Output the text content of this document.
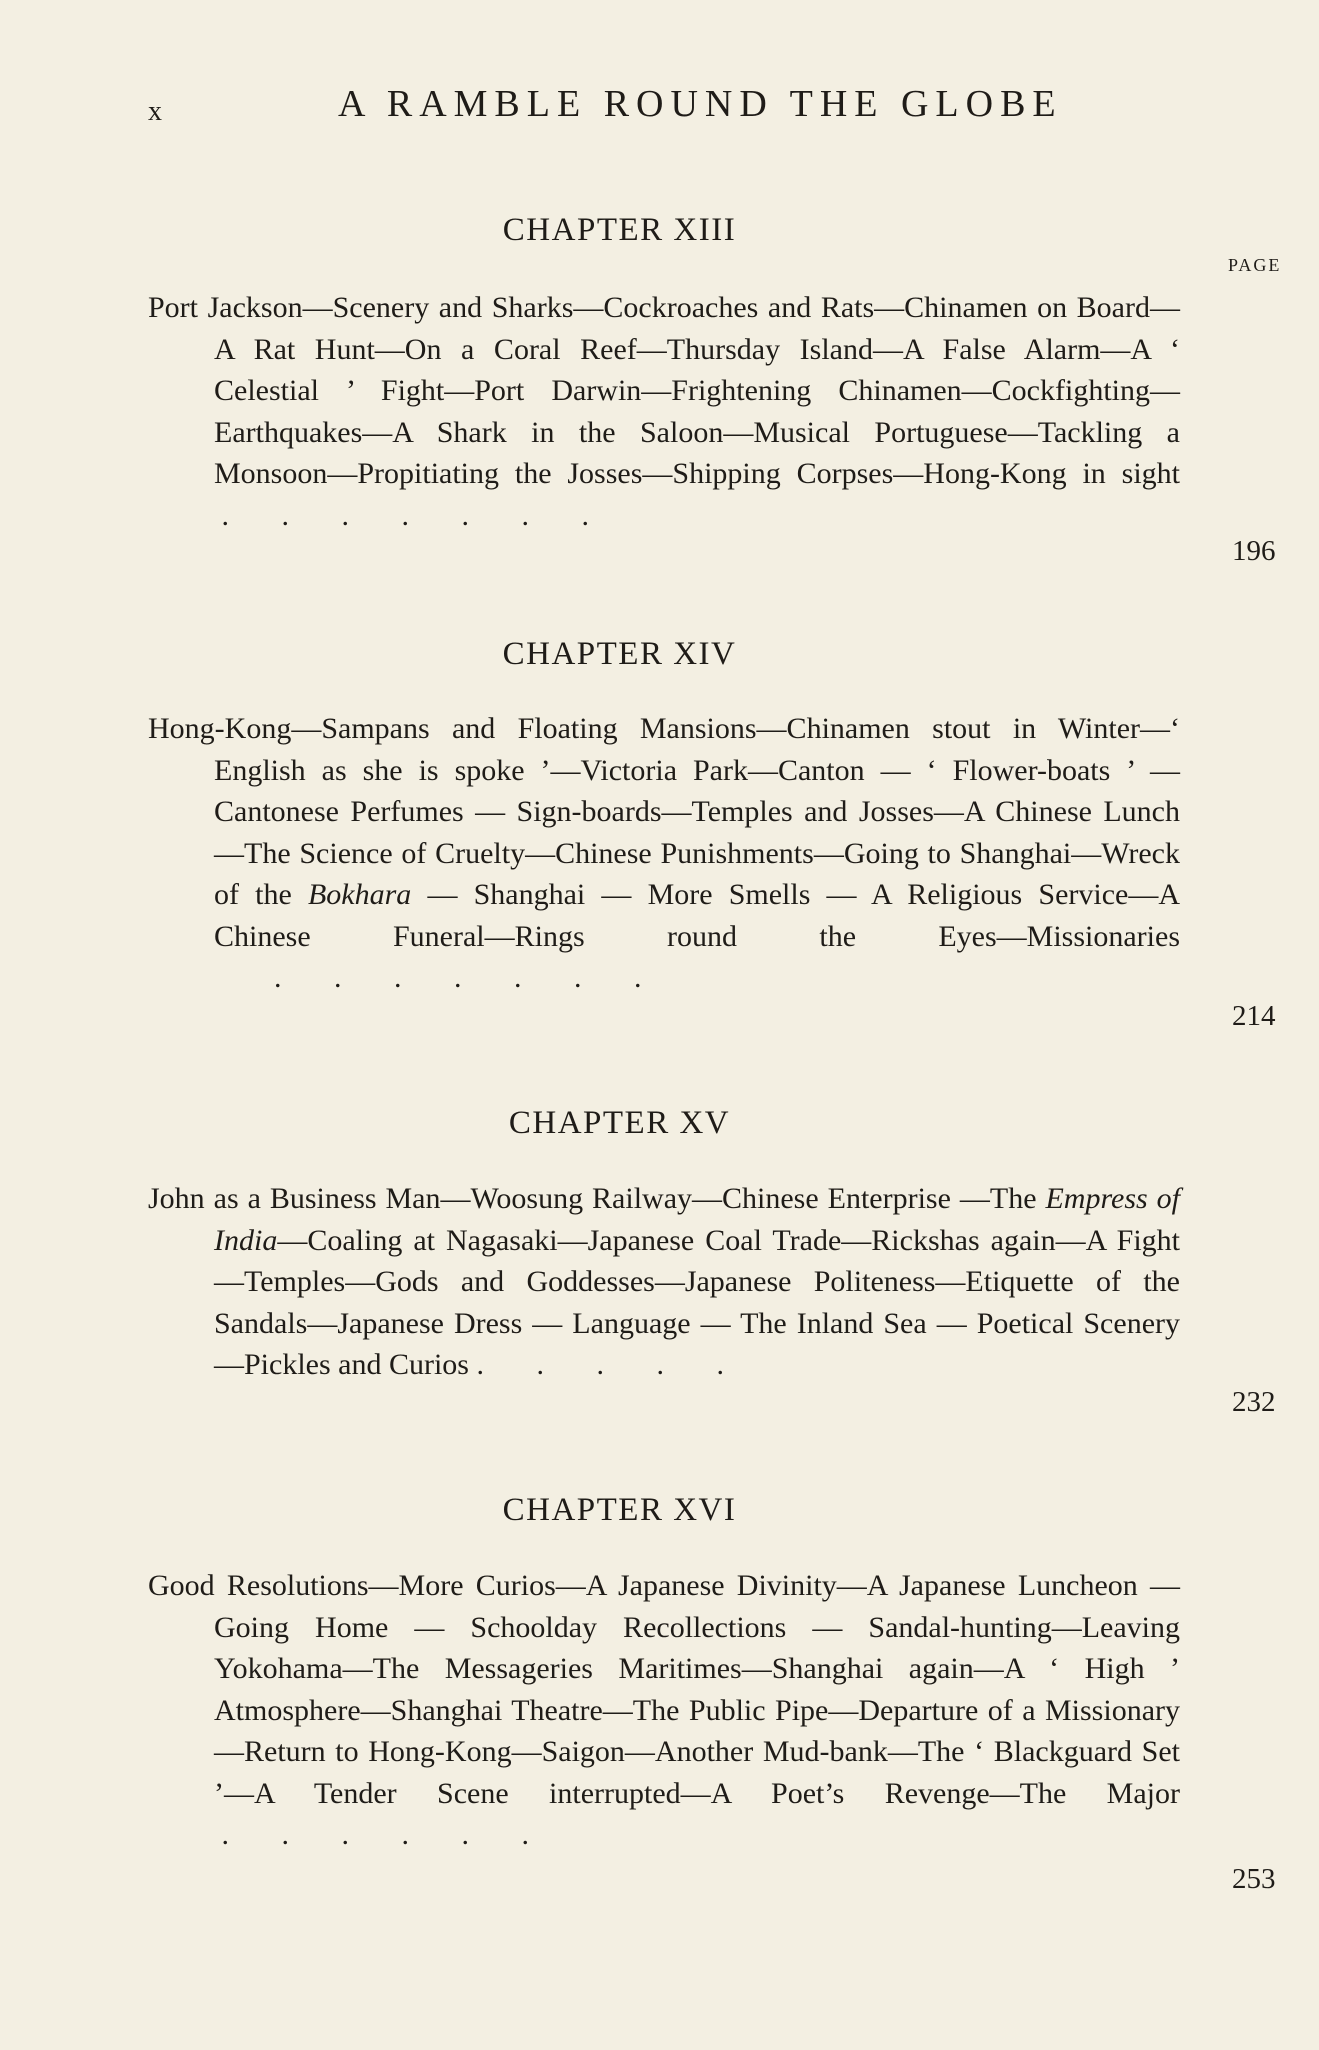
x	A RAMBLE ROUND THE GLOBE
PAGE
CHAPTER XIII
Port Jackson—Scenery and Sharks—Cockroaches and Rats—Chinamen on Board—A Rat Hunt—On a Coral Reef—Thursday Island—A False Alarm—A ‘ Celestial ’ Fight—Port Darwin—Frightening Chinamen—Cockfighting—Earthquakes—A Shark in the Saloon—Musical Portuguese—Tackling a Monsoon—Propitiating the Josses—Shipping Corpses—Hong-Kong in sight .       .       .       .       .       .       .
196
CHAPTER XIV
Hong-Kong—Sampans and Floating Mansions—Chinamen stout in Winter—‘ English as she is spoke ’—Victoria Park—Canton — ‘ Flower-boats ’ — Cantonese Perfumes — Sign-boards—Temples and Josses—A Chinese Lunch—The Science of Cruelty—Chinese Punishments—Going to Shanghai—Wreck of the Bokhara — Shanghai — More Smells — A Religious Service—A Chinese Funeral—Rings round the Eyes—Missionaries        .       .       .       .       .       .       .
214
CHAPTER XV
John as a Business Man—Woosung Railway—Chinese Enterprise —The Empress of India—Coaling at Nagasaki—Japanese Coal Trade—Rickshas again—A Fight—Temples—Gods and Goddesses—Japanese Politeness—Etiquette of the Sandals—Japanese Dress — Language — The Inland Sea — Poetical Scenery—Pickles and Curios .       .       .       .       .
232
CHAPTER XVI
Good Resolutions—More Curios—A Japanese Divinity—A Japanese Luncheon — Going Home — Schoolday Recollections — Sandal-hunting—Leaving Yokohama—The Messageries Maritimes—Shanghai again—A ‘ High ’ Atmosphere—Shanghai Theatre—The Public Pipe—Departure of a Missionary—Return to Hong-Kong—Saigon—Another Mud-bank—The ‘ Blackguard Set ’—A Tender Scene interrupted—A Poet’s Revenge—The Major .       .       .       .       .       .
253
